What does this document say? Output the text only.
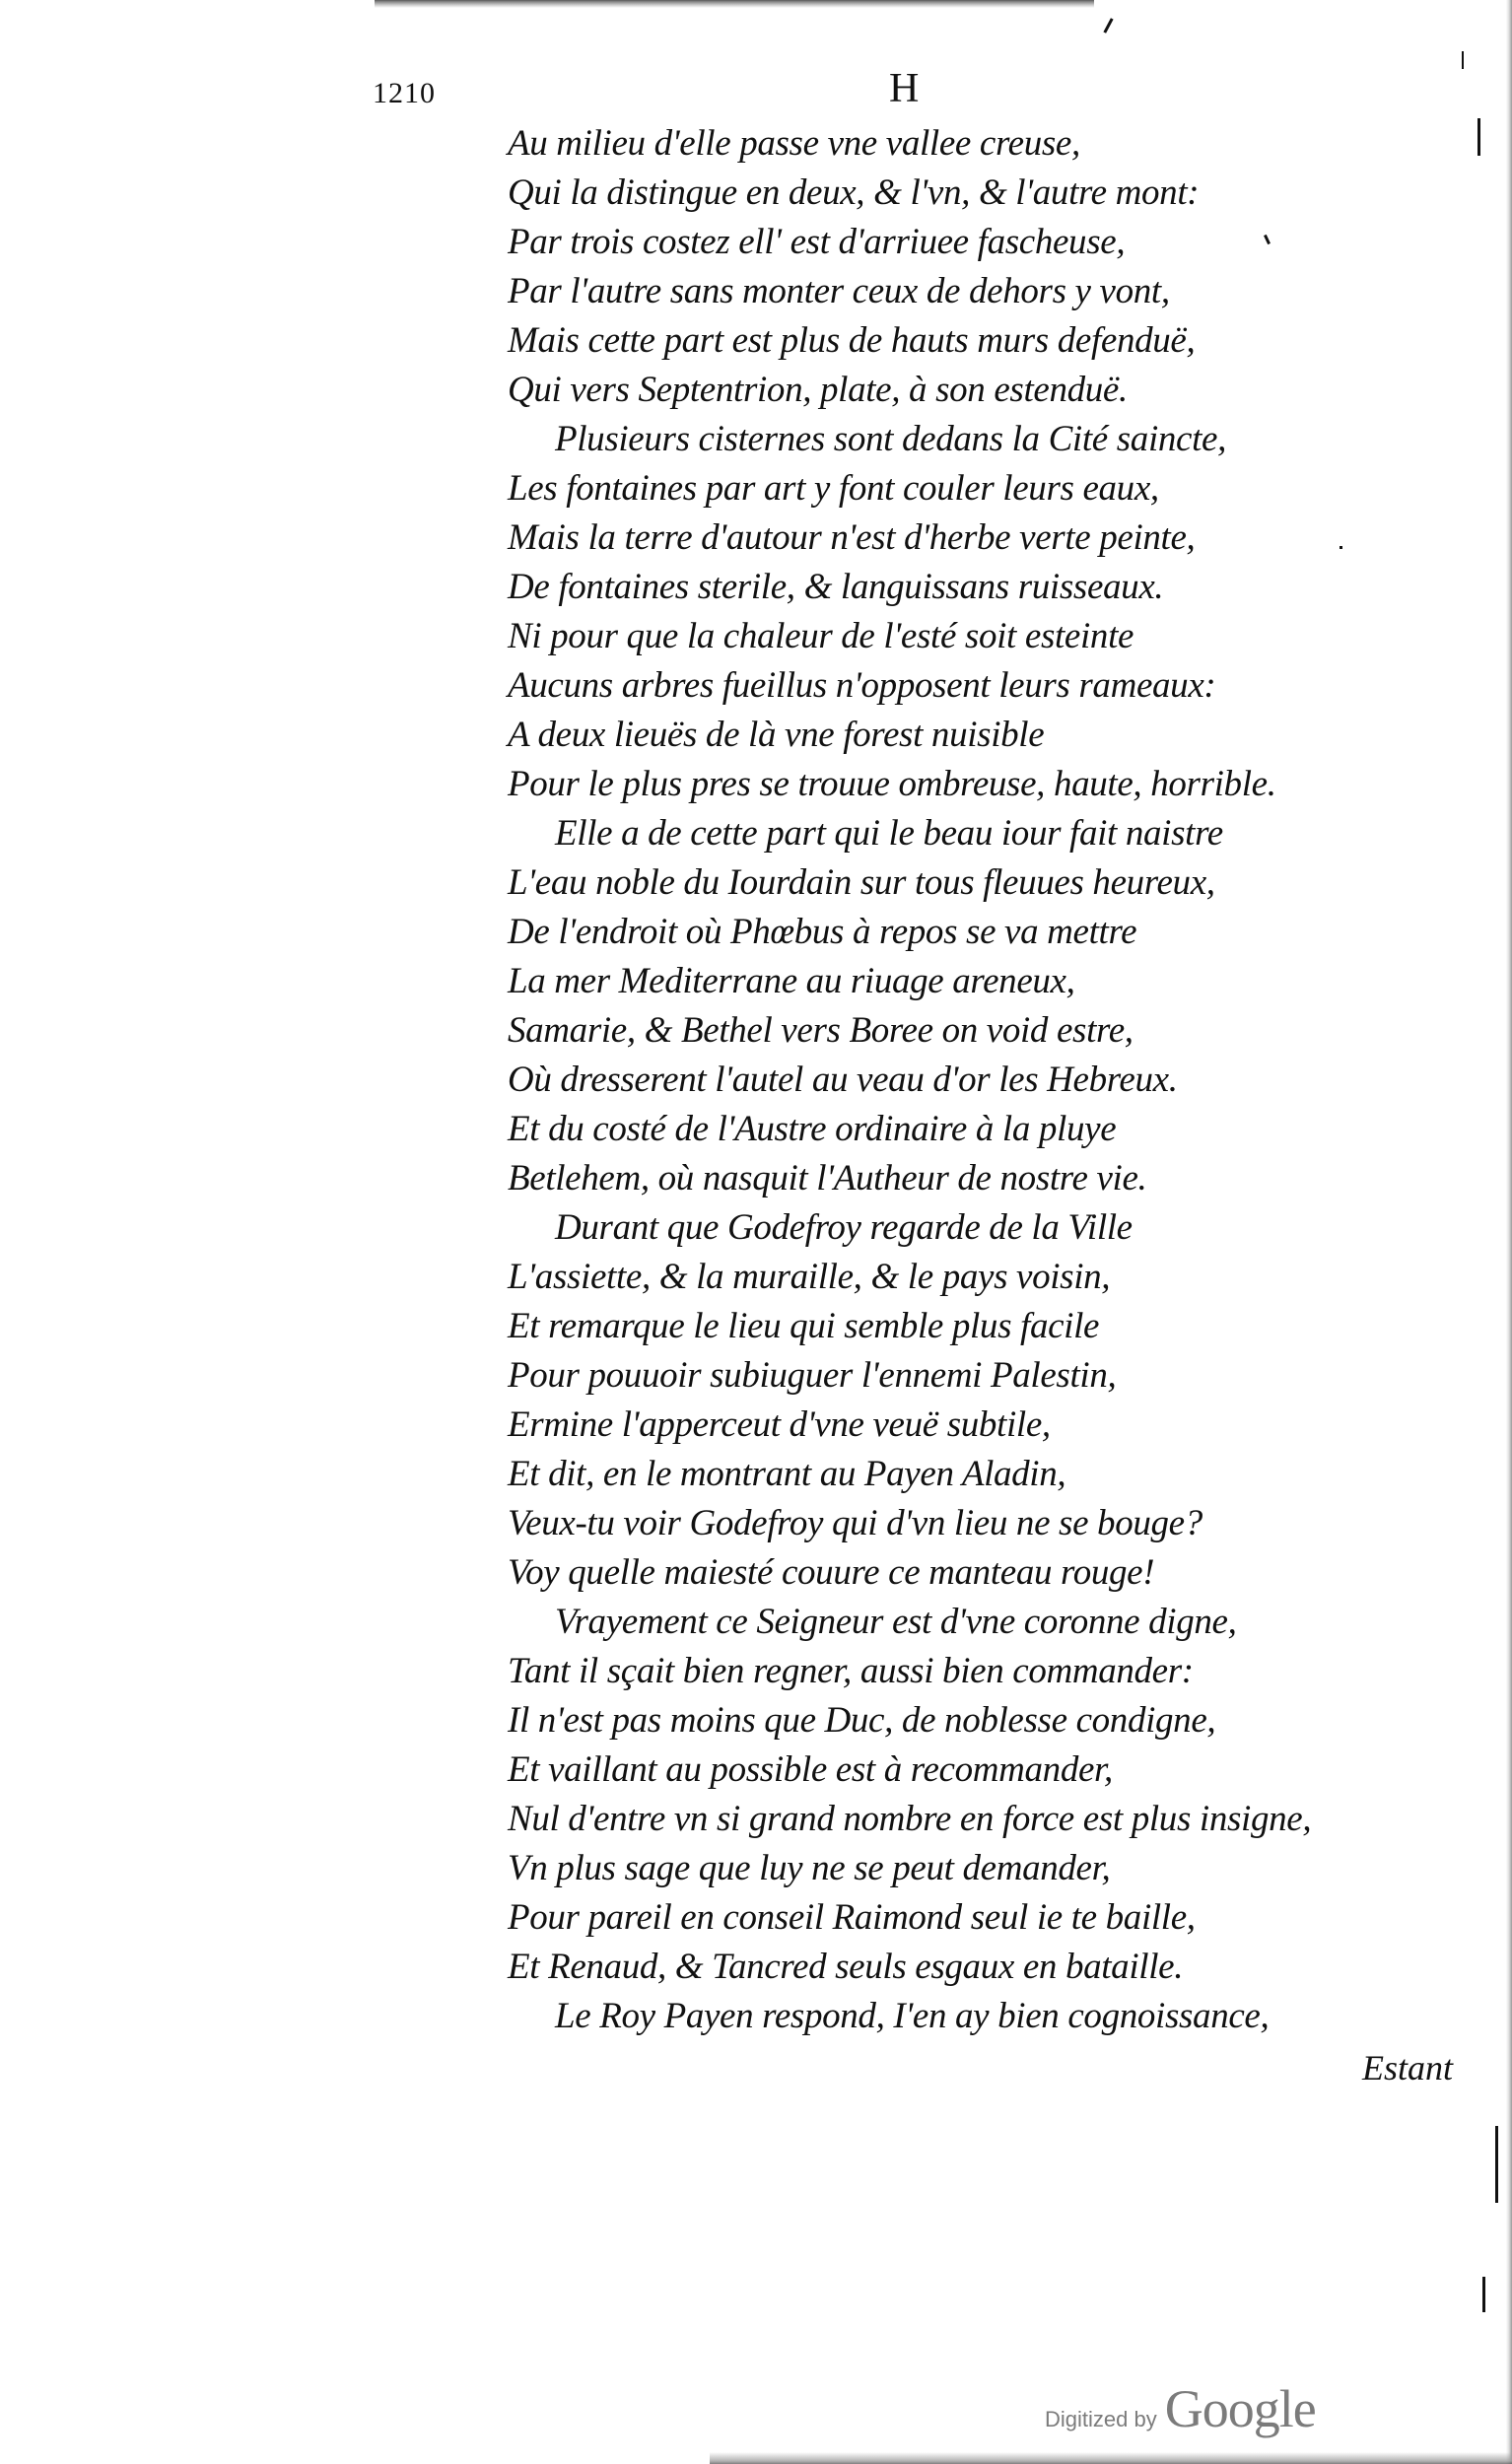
1210	H
Au milieu d'elle passe vne vallee creuse,
Qui la distingue en deux, & l'vn, & l'autre mont:
Par trois costez ell' est d'arriuee fascheuse,
Par l'autre sans monter ceux de dehors y vont,
Mais cette part est plus de hauts murs defenduë,
Qui vers Septentrion, plate, à son estenduë.
Plusieurs cisternes sont dedans la Cité saincte,
Les fontaines par art y font couler leurs eaux,
Mais la terre d'autour n'est d'herbe verte peinte,
De fontaines sterile, & languissans ruisseaux.
Ni pour que la chaleur de l'esté soit esteinte
Aucuns arbres fueillus n'opposent leurs rameaux:
A deux lieuës de là vne forest nuisible
Pour le plus pres se trouue ombreuse, haute, horrible.
Elle a de cette part qui le beau iour fait naistre
L'eau noble du Iourdain sur tous fleuues heureux,
De l'endroit où Phœbus à repos se va mettre
La mer Mediterrane au riuage areneux,
Samarie, & Bethel vers Boree on void estre,
Où dresserent l'autel au veau d'or les Hebreux.
Et du costé de l'Austre ordinaire à la pluye
Betlehem, où nasquit l'Autheur de nostre vie.
Durant que Godefroy regarde de la Ville
L'assiette, & la muraille, & le pays voisin,
Et remarque le lieu qui semble plus facile
Pour pouuoir subiuguer l'ennemi Palestin,
Ermine l'apperceut d'vne veuë subtile,
Et dit, en le montrant au Payen Aladin,
Veux-tu voir Godefroy qui d'vn lieu ne se bouge?
Voy quelle maiesté couure ce manteau rouge!
Vrayement ce Seigneur est d'vne coronne digne,
Tant il sçait bien regner, aussi bien commander:
Il n'est pas moins que Duc, de noblesse condigne,
Et vaillant au possible est à recommander,
Nul d'entre vn si grand nombre en force est plus insigne,
Vn plus sage que luy ne se peut demander,
Pour pareil en conseil Raimond seul ie te baille,
Et Renaud, & Tancred seuls esgaux en bataille.
Le Roy Payen respond, I'en ay bien cognoissance,
Estant
Digitized by Google
